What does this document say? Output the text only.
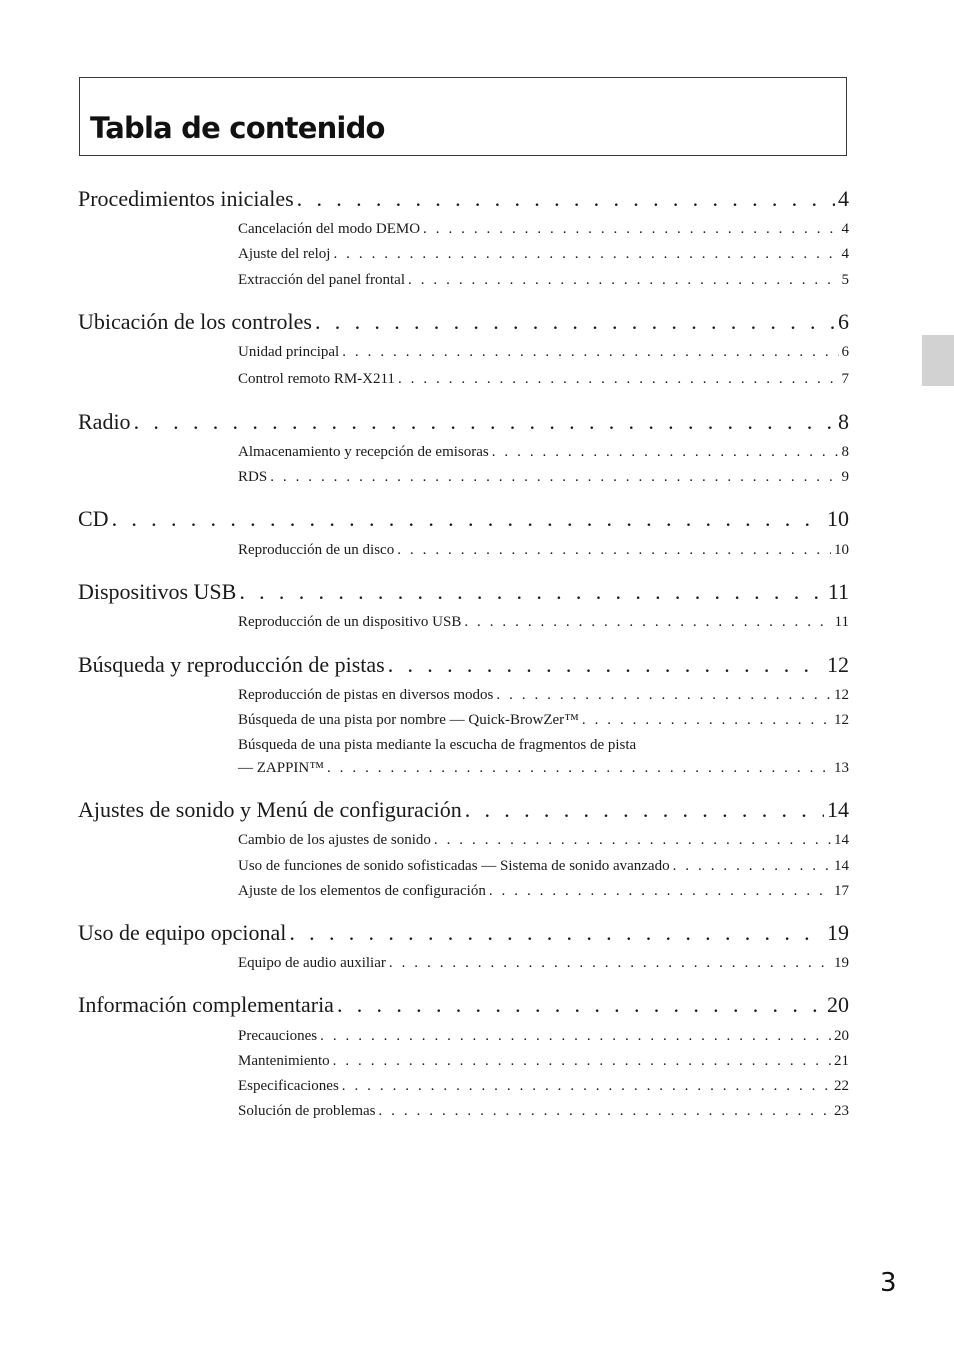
Tabla de contenido
Procedimientos iniciales . . .	4
Cancelación del modo DEMO . . .	4
Ajuste del reloj . . .	4
Extracción del panel frontal . . .	5
Ubicación de los controles . . .	6
Unidad principal . . .	6
Control remoto RM-X211 . . .	7
Radio . . .	8
Almacenamiento y recepción de emisoras . . .	8
RDS . . .	9
CD . . .	10
Reproducción de un disco . . .	10
Dispositivos USB . . .	11
Reproducción de un dispositivo USB . . .	11
Búsqueda y reproducción de pistas . . .	12
Reproducción de pistas en diversos modos . . .	12
Búsqueda de una pista por nombre — Quick-BrowZer™ . . .	12
Búsqueda de una pista mediante la escucha de fragmentos de pista
— ZAPPIN™ . . .	13
Ajustes de sonido y Menú de configuración . . .	14
Cambio de los ajustes de sonido . . .	14
Uso de funciones de sonido sofisticadas — Sistema de sonido avanzado . . .	14
Ajuste de los elementos de configuración . . .	17
Uso de equipo opcional . . .	19
Equipo de audio auxiliar . . .	19
Información complementaria . . .	20
Precauciones . . .	20
Mantenimiento . . .	21
Especificaciones . . .	22
Solución de problemas . . .	23
3
